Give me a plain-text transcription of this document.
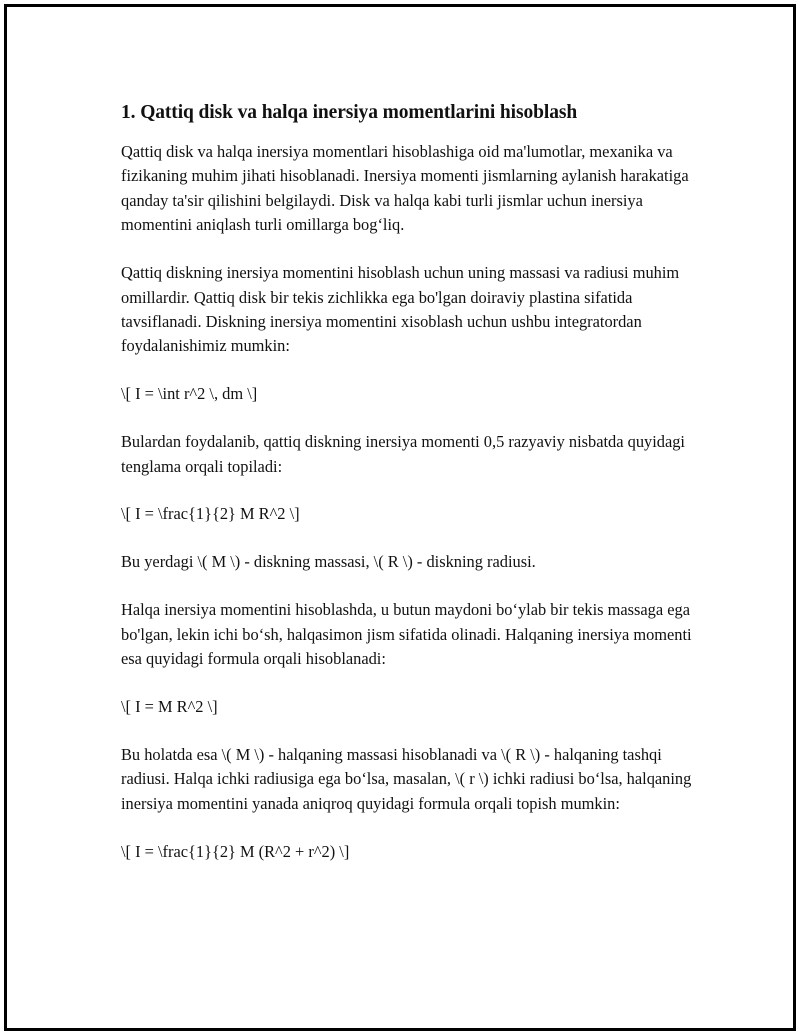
1. Qattiq disk va halqa inersiya momentlarini hisoblash

Qattiq disk va halqa inersiya momentlari hisoblashiga oid ma'lumotlar, mexanika va fizikaning muhim jihati hisoblanadi. Inersiya momenti jismlarning aylanish harakatiga qanday ta'sir qilishini belgilaydi. Disk va halqa kabi turli jismlar uchun inersiya momentini aniqlash turli omillarga bog‘liq.

Qattiq diskning inersiya momentini hisoblash uchun uning massasi va radiusi muhim omillardir. Qattiq disk bir tekis zichlikka ega bo'lgan doiraviy plastina sifatida tavsiflanadi. Diskning inersiya momentini xisoblash uchun ushbu integratordan foydalanishimiz mumkin:

\[ I = \int r^2 \, dm \]

Bulardan foydalanib, qattiq diskning inersiya momenti 0,5 razyaviy nisbatda quyidagi tenglama orqali topiladi:

\[ I = \frac{1}{2} M R^2 \]

Bu yerdagi \( M \) - diskning massasi, \( R \) - diskning radiusi.

Halqa inersiya momentini hisoblashda, u butun maydoni bo‘ylab bir tekis massaga ega bo'lgan, lekin ichi bo‘sh, halqasimon jism sifatida olinadi. Halqaning inersiya momenti esa quyidagi formula orqali hisoblanadi:

\[ I = M R^2 \]

Bu holatda esa \( M \) - halqaning massasi hisoblanadi va \( R \) - halqaning tashqi radiusi. Halqa ichki radiusiga ega bo‘lsa, masalan, \( r \) ichki radiusi bo‘lsa, halqaning inersiya momentini yanada aniqroq quyidagi formula orqali topish mumkin:

\[ I = \frac{1}{2} M (R^2 + r^2) \]
